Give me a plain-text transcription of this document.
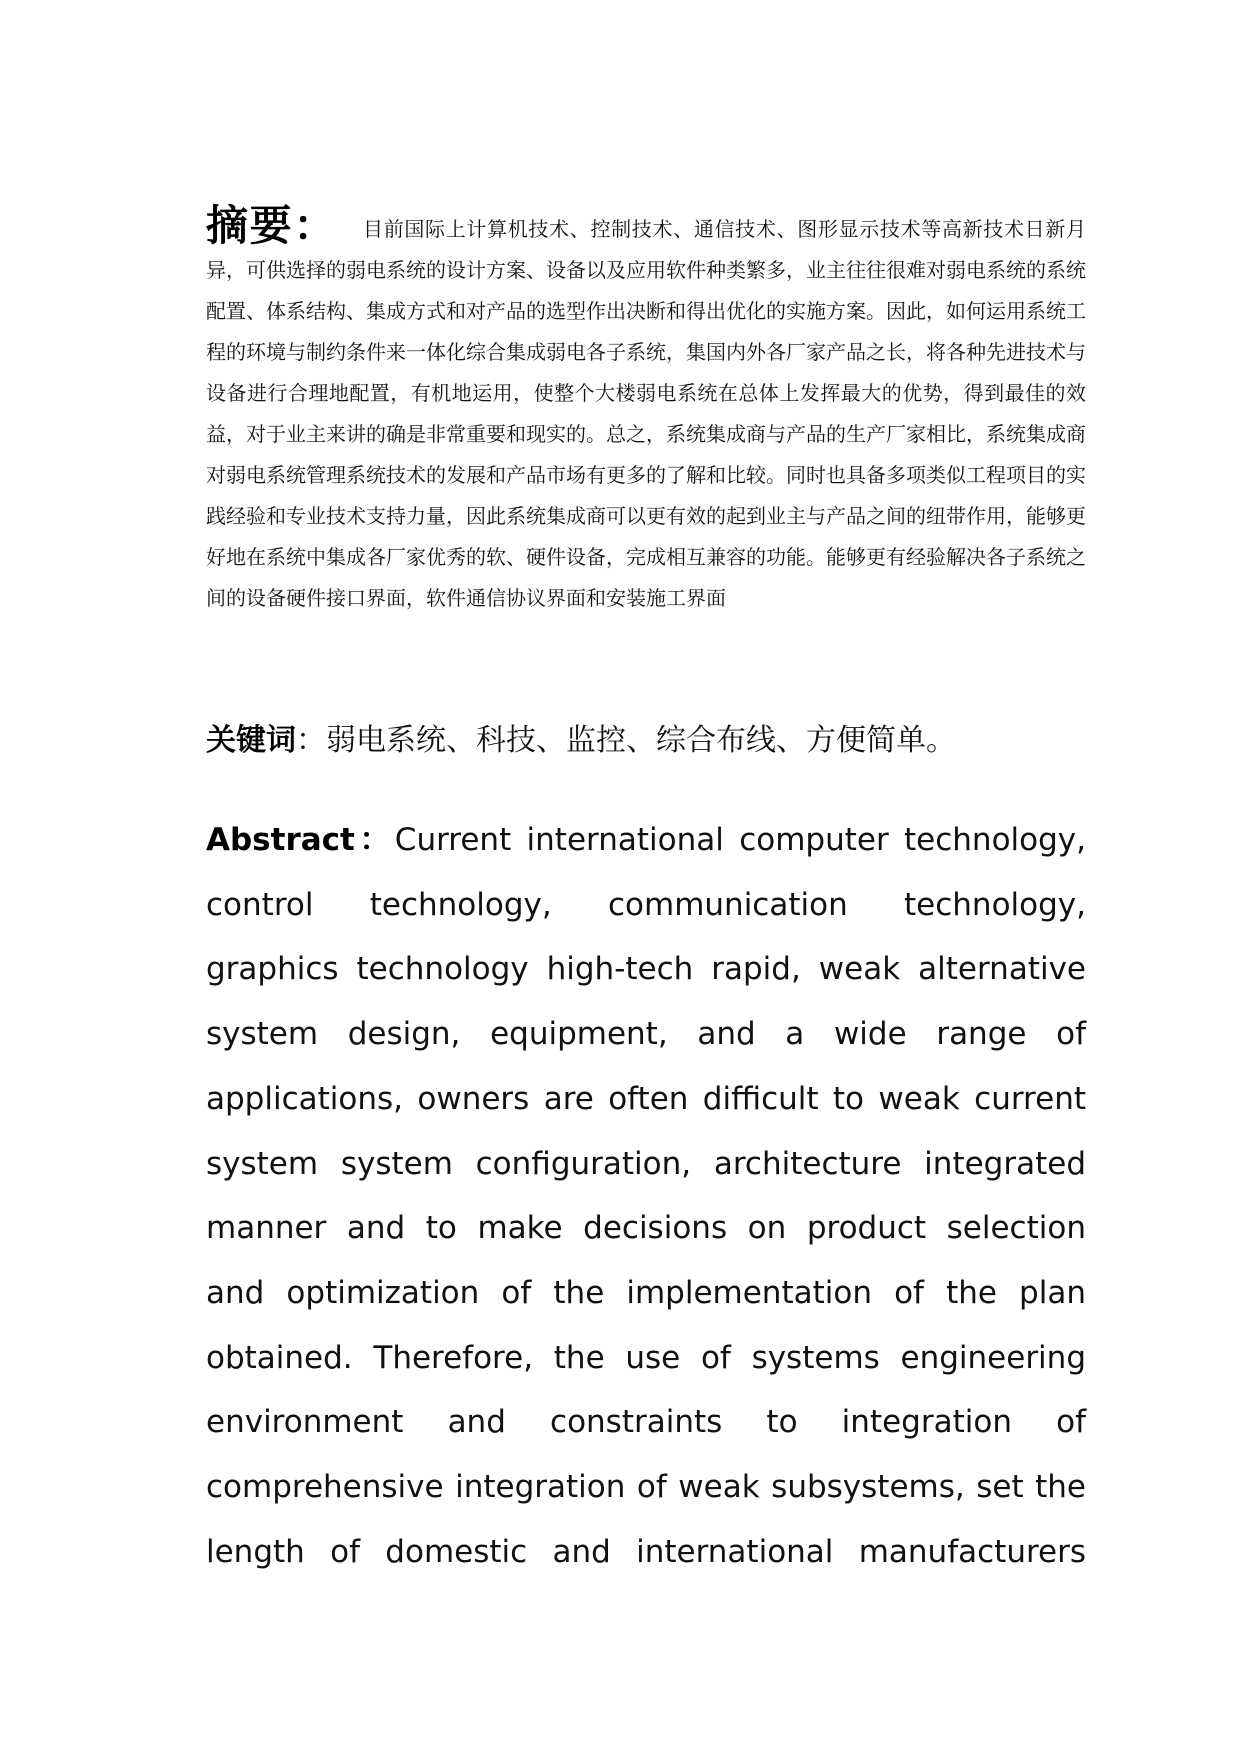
摘要： 目前国际上计算机技术、控制技术、通信技术、图形显示技术等高新技术日新月异，可供选择的弱电系统的设计方案、设备以及应用软件种类繁多，业主往往很难对弱电系统的系统配置、体系结构、集成方式和对产品的选型作出决断和得出优化的实施方案。因此，如何运用系统工程的环境与制约条件来一体化综合集成弱电各子系统，集国内外各厂家产品之长，将各种先进技术与设备进行合理地配置，有机地运用，使整个大楼弱电系统在总体上发挥最大的优势，得到最佳的效益，对于业主来讲的确是非常重要和现实的。总之，系统集成商与产品的生产厂家相比，系统集成商对弱电系统管理系统技术的发展和产品市场有更多的了解和比较。同时也具备多项类似工程项目的实践经验和专业技术支持力量，因此系统集成商可以更有效的起到业主与产品之间的纽带作用，能够更好地在系统中集成各厂家优秀的软、硬件设备，完成相互兼容的功能。能够更有经验解决各子系统之间的设备硬件接口界面，软件通信协议界面和安装施工界面
关键词：弱电系统、科技、监控、综合布线、方便简单。
Abstract：Current international computer technology, control technology, communication technology, graphics technology high-tech rapid, weak alternative system design, equipment, and a wide range of applications, owners are often difficult to weak current system system configuration, architecture integrated manner and to make decisions on product selection and optimization of the implementation of the plan obtained. Therefore, the use of systems engineering environment and constraints to integration of comprehensive integration of weak subsystems, set the length of domestic and international manufacturers
